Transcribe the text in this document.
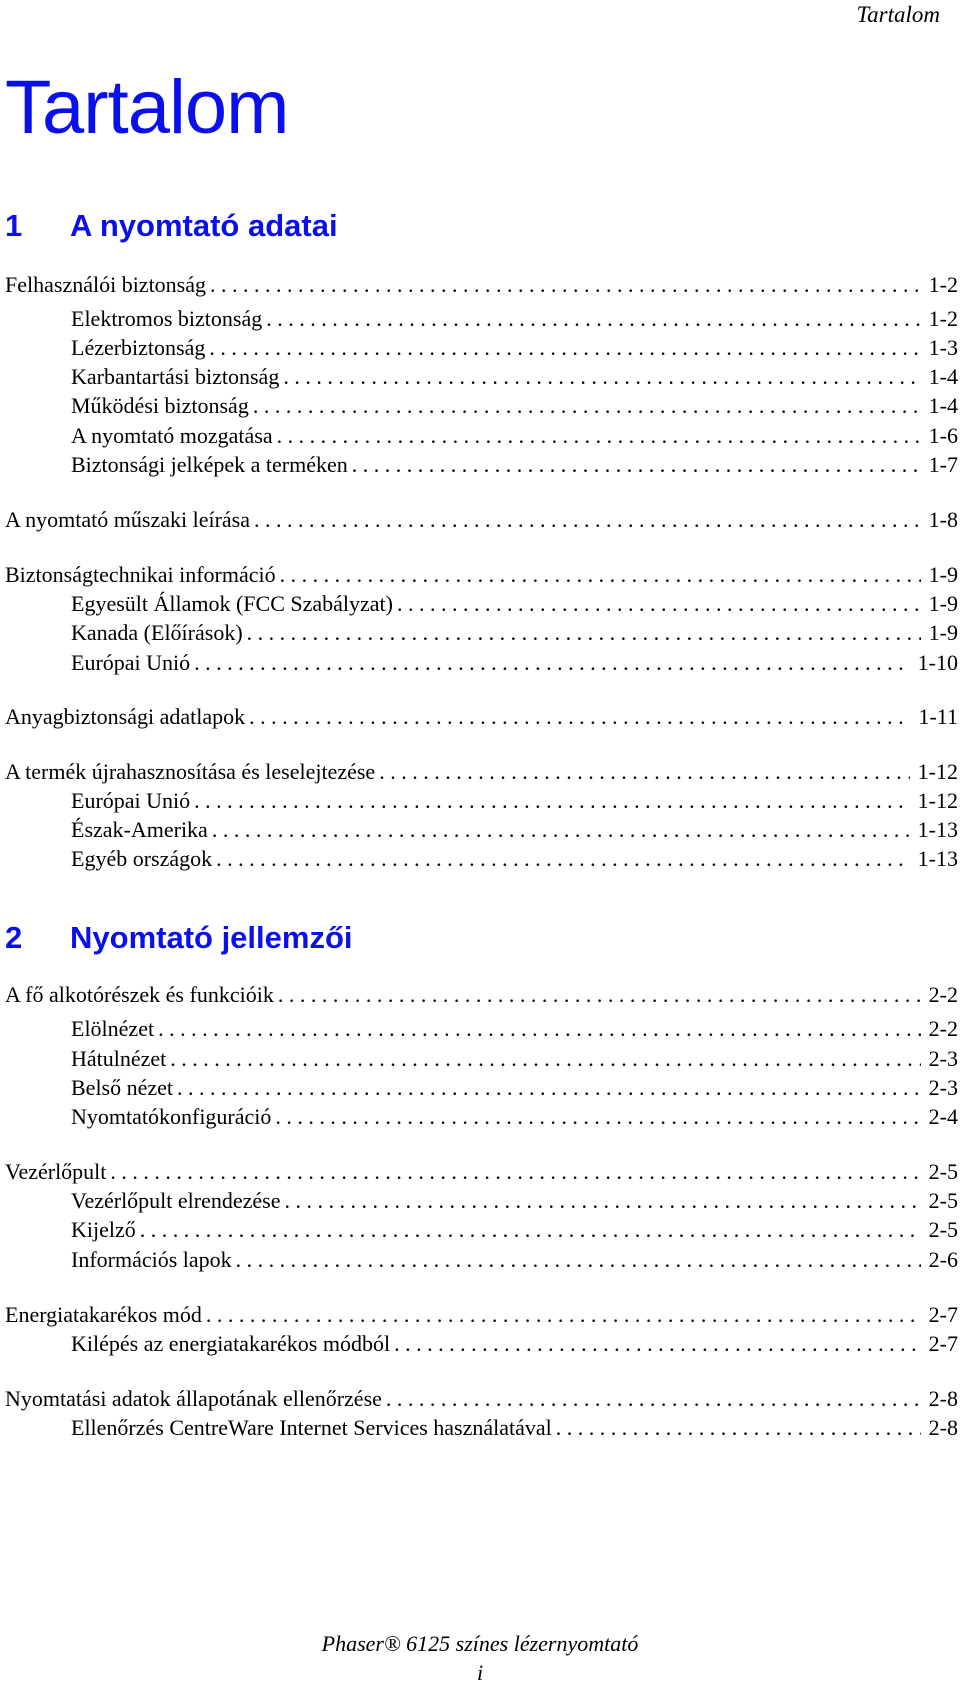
Tartalom
Tartalom
1 A nyomtató adatai
Felhasználói biztonság . . .	1-2
Elektromos biztonság . . .	1-2
Lézerbiztonság . . .	1-3
Karbantartási biztonság . . .	1-4
Működési biztonság . . .	1-4
A nyomtató mozgatása . . .	1-6
Biztonsági jelképek a terméken . . .	1-7
A nyomtató műszaki leírása . . .	1-8
Biztonságtechnikai információ . . .	1-9
Egyesült Államok (FCC Szabályzat) . . .	1-9
Kanada (Előírások) . . .	1-9
Európai Unió . . .	1-10
Anyagbiztonsági adatlapok . . .	1-11
A termék újrahasznosítása és leselejtezése . . .	1-12
Európai Unió . . .	1-12
Észak-Amerika . . .	1-13
Egyéb országok . . .	1-13
2 Nyomtató jellemzői
A fő alkotórészek és funkcióik . . .	2-2
Elölnézet . . .	2-2
Hátulnézet . . .	2-3
Belső nézet . . .	2-3
Nyomtatókonfiguráció . . .	2-4
Vezérlőpult . . .	2-5
Vezérlőpult elrendezése . . .	2-5
Kijelző . . .	2-5
Információs lapok . . .	2-6
Energiatakarékos mód . . .	2-7
Kilépés az energiatakarékos módból . . .	2-7
Nyomtatási adatok állapotának ellenőrzése . . .	2-8
Ellenőrzés CentreWare Internet Services használatával . . .	2-8
Phaser® 6125 színes lézernyomtató
i
